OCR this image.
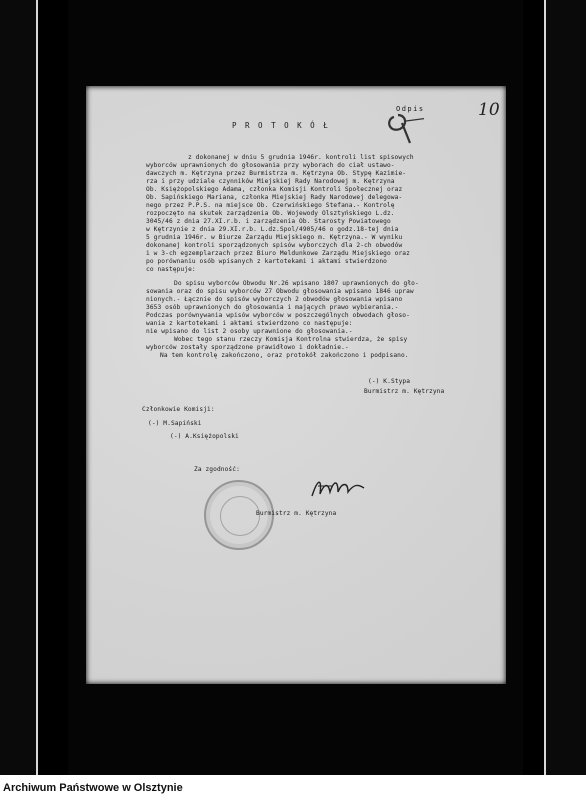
Odpis	10
P R O T O K Ó Ł
z dokonanej w dniu 5 grudnia 1946r. kontroli list spisowych
wyborców uprawnionych do głosowania przy wyborach do ciał ustawo-
dawczych m. Kętrzyna przez Burmistrza m. Kętrzyna Ob. Stypę Kazimie-
rza i przy udziale czynników Miejskiej Rady Narodowej m. Kętrzyna
Ob. Księżopolskiego Adama, członka Komisji Kontroli Społecznej oraz
Ob. Sapińskiego Mariana, członka Miejskiej Rady Narodowej delegowa-
nego przez P.P.S. na miejsce Ob. Czerwińskiego Stefana.- Kontrolę
rozpoczęto na skutek zarządzenia Ob. Wojewody Olsztyńskiego L.dz.
3045/46 z dnia 27.XI.r.b. i zarządzenia Ob. Starosty Powiatowego
w Kętrzynie z dnia 29.XI.r.b. L.dz.Spol/4905/46 o godz.18-tej dnia
5 grudnia 1946r. w Biurze Zarządu Miejskiego m. Kętrzyna.- W wyniku
dokonanej kontroli sporządzonych spisów wyborczych dla 2-ch obwodów
i w 3-ch egzemplarzach przez Biuro Meldunkowe Zarządu Miejskiego oraz
po porównaniu osób wpisanych z kartotekami i aktami stwierdzono
co następuje:
Do spisu wyborców Obwodu Nr.26 wpisano 1807 uprawnionych do gło-
sowania oraz do spisu wyborców 27 Obwodu głosowania wpisano 1846 upraw
nionych.- Łącznie do spisów wyborczych 2 obwodów głosowania wpisano
3653 osób uprawnionych do głosowania i mających prawo wybierania.-
Podczas porównywania wpisów wyborców w poszczególnych obwodach głoso-
wania z kartotekami i aktami stwierdzono co następuje:
nie wpisano do list 2 osoby uprawnione do głosowania.-
Wobec tego stanu rzeczy Komisja Kontrolna stwierdza, że spisy
wyborców zostały sporządzone prawidłowo i dokładnie.-
Na tem kontrolę zakończono, oraz protokół zakończono i podpisano.
(-) K.Stypa
Burmistrz m. Kętrzyna
Członkowie Komisji:
(-) M.Sapiński
(-) A.Księżopolski
Za zgodność:
Burmistrz m. Kętrzyna
Archiwum Państwowe w Olsztynie
